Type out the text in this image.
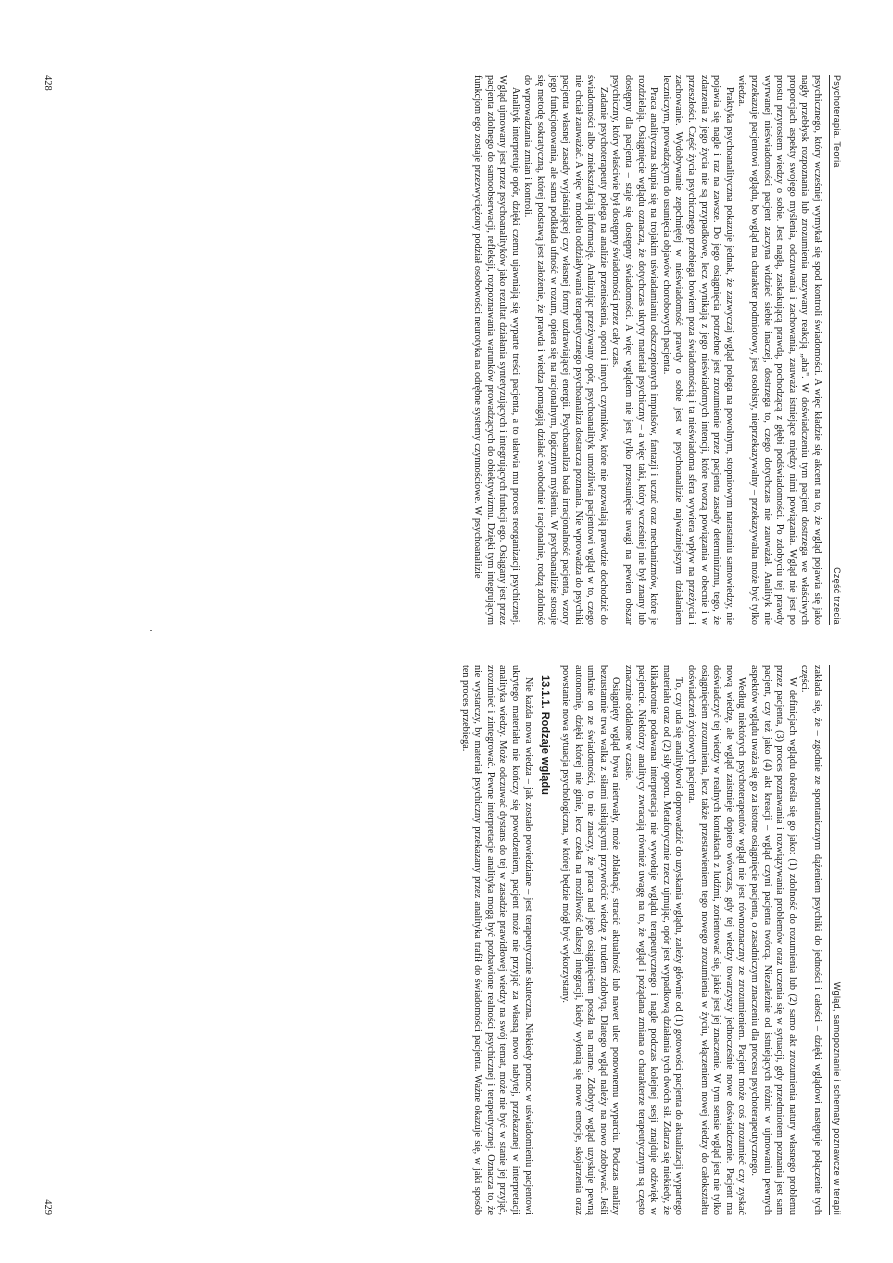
Psychoterapia. Teoria
Część trzecia

psychicznego, który wcześniej wymykał się spod kontroli świadomości. A więc kładzie się akcent na to, że wgląd pojawia się jako nagły przebłysk rozpoznania lub zrozumienia nazywany reakcją „aha". W doświadczeniu tym pacjent dostrzega we właściwych proporcjach aspekty swojego myślenia, odczuwania i zachowania, zauważa istniejące między nimi powiązania. Wgląd nie jest po prostu przyrostem wiedzy o sobie. Jest nagłą, zaskakującą prawdą, pochodzącą z głębi podświadomości. Po zdobyciu tej prawdy wyrwanej nieświadomości pacjent zaczyna widzieć siebie inaczej, dostrzega to, czego dotychczas nie zauważał. Analityk nie przekazuje pacjentowi wglądu, bo wgląd ma charakter podmiotowy, jest osobisty, nieprzekazywalny – przekazywalna może być tylko wiedza.

Praktyka psychoanalityczna pokazuje jednak, że zazwyczaj wgląd polega na powolnym, stopniowym narastaniu samowiedzy, nie pojawia się nagle i raz na zawsze. Do jego osiągnięcia potrzebne jest zrozumienie przez pacjenta zasady determinizmu, tego, że zdarzenia z jego życia nie są przypadkowe, lecz wynikają z jego nieświadomych intencji, które tworzą powiązania w obecnie i w przeszłości. Część życia psychicznego przebiega bowiem poza świadomością i ta nieświadoma sfera wywiera wpływ na przeżycia i zachowanie. Wydobywanie zepchniętej w nieświadomość prawdy o sobie jest w psychoanalizie najważniejszym działaniem leczniczym, prowadzącym do usunięcia objawów chorobowych pacjenta.

Praca analityczna skupia się na trojakim uświadamianiu odszczepionych impulsów, fantazji i uczuć oraz mechanizmów, które je rozdzielają. Osiągnięcie wglądu oznacza, że dotychczas ukryty materiał psychiczny – a więc taki, który wcześniej nie był znany lub dostępny dla pacjenta – staje się dostępny świadomości. A więc wglądem nie jest tylko przesunięcie uwagi na pewien obszar psychiczny, który właściwie był dostępny świadomości przez cały czas.

Zadanie psychoterapeuty polega na analizie przeniesienia, oporu i innych czynników, które nie pozwalają prawdzie dochodzić do świadomości albo zniekształcają informację. Analizując przeżywany opór, psychoanalityk umożliwia pacjentowi wgląd w to, czego nie chciał zauważać. A więc w modelu oddziaływania terapeutycznego psychoanaliza dostarcza poznania. Nie wprowadza do psychiki pacjenta własnej zasady wyjaśniającej czy własnej formy uzdrawiającej energii. Psychoanaliza bada irracjonalność pacjenta, wzory jego funkcjonowania, ale sama podkłada ufność w rozum, opiera się na racjonalnym, logicznym myśleniu. W psychoanalizie stosuje się metodę sokratyczną, której podstawą jest założenie, że prawda i wiedza pomagają działać swobodnie i racjonalnie, rodzą zdolność do wprowadzania zmian i kontroli.

Analityk interpretuje opór, dzięki czemu ujawniają się wyparte treści pacjenta, a to ułatwia mu proces reorganizacji psychicznej. Wgląd ujmowany jest przez psychoanalityków jako rezultat działania syntetyzujących i integrujących funkcji ego. Osiągany jest przez pacjenta zdolnego do samoobserwacji, refleksji, rozpoznawania warunków prowadzących do obiektywizmu. Dzięki tym integrującym funkcjom ego zostaje przezwyciężony podział osobowości neurotyka na odrębne systemy czynnościowe. W psychoanalizie

428
Wgląd, samopoznanie i schematy poznawcze w terapii

zakłada się, że – zgodnie ze spontanicznym dążeniem psychiki do jedności i całości – dzięki wglądowi następuje połączenie tych części.

W definicjach wglądu określa się go jako: (1) zdolność do rozumienia lub (2) samo akt zrozumienia natury własnego problemu przez pacjenta, (3) proces poznawania i rozwiązywania problemów oraz uczenia się w sytuacji, gdy przedmiotem poznania jest sam pacjent, czy też jako (4) akt kreacji – wgląd czyni pacjenta twórcą. Niezależnie od istniejących różnic w ujmowaniu pewnych aspektów wglądu uważa się go za istotne osiągnięcie pacjenta, o zasadniczym znaczeniu dla procesu psychoterapeutycznego.

Według niektórych psychoterapeutów wgląd nie jest równoznaczny ze zrozumieniem. Pacjent może coś zrozumieć czy zyskać nową wiedzę, ale wgląd zaistnieje dopiero wówczas, gdy tej wiedzy towarzyszy jednocześnie nowe doświadczenie. Pacjent ma doświadczyć tej wiedzy w realnych kontaktach z ludźmi, zorientować się, jakie jest jej znaczenie. W tym sensie wgląd jest nie tylko osiągnięciem zrozumienia, lecz także przestawieniem tego nowego zrozumienia w życiu, włączeniem nowej wiedzy do całokształtu doświadczeń życiowych pacjenta.

To, czy uda się analitykowi doprowadzić do uzyskania wglądu, zależy głównie od (1) gotowości pacjenta do aktualizacji wypartego materiału oraz od (2) siły oporu. Metaforycznie rzecz ujmując, opór jest wypadkową działania tych dwóch sił. Zdarza się niekiedy, że klikakrotnie podawana interpretacja nie wywołuje wglądu terapeutycznego i nagle podczas kolejnej sesji znajduje odźwięk w pacjencie. Niektórzy analitycy zwracają również uwagę na to, że wgląd i pożądana zmiana o charakterze terapeutycznym są często znacznie oddalone w czasie.

Osiągnięty wgląd bywa nietrwały, może zblaknąć, stracić aktualność lub nawet ulec ponownemu wyparciu. Podczas analizy bezustannie trwa walka z siłami usiłującymi przywrócić wiedzę z trudem zdobytą. Dlatego wgląd należy na nowo zdobywać. Jeśli umknie on ze świadomości, to nie znaczy, że praca nad jego osiągnięciem poszła na marne. Zdobyty wgląd uzyskuje pewną autonomię, dzięki której nie ginie, lecz czeka na możliwość dalszej integracji, kiedy wyłonią się nowe emocje, skojarzenia oraz powstanie nowa sytuacja psychologiczna, w której będzie mógł być wykorzystany.

13.1.1. Rodzaje wglądu

Nie każda nowa wiedza – jak zostało powiedziane – jest terapeutycznie skuteczna. Niekiedy pomoc w uświadomieniu pacjentowi ukrytego materiału nie kończy się powodzeniem, pacjent może nie przyjąć za własną nowo nabytej, przekazanej w interpretacji analityka wiedzy. Może odczuwać dystans do tej w zasadzie prawidłowej wiedzy na swój temat, może nie być w stanie jej przyjąć, zrozumieć i zintegrować. Pewne interpretacje analityka mogą być pozbawione realności psychicznej i terapeutycznej. Oznacza to, że nie wystarczy, by materiał psychiczny przekazany przez analityka trafił do świadomości pacjenta. Ważne okazuje się, w jaki sposób ten proces przebiega.

429
